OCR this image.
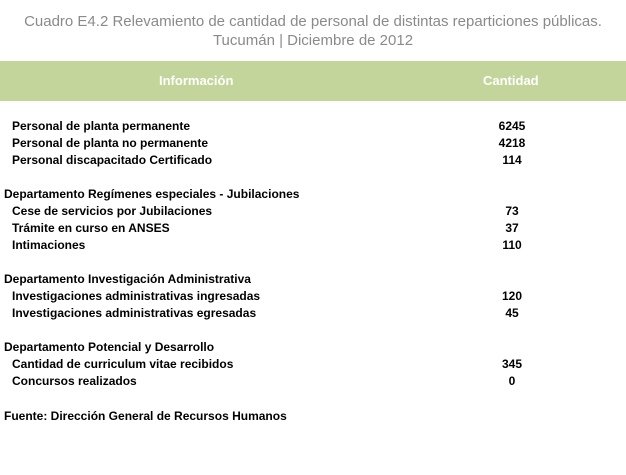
Cuadro E4.2 Relevamiento de cantidad de personal de distintas reparticiones públicas.
Tucumán | Diciembre de 2012
Información	Cantidad
Personal de planta permanente	6245
Personal de planta no permanente	4218
Personal discapacitado Certificado	114
Departamento Regímenes especiales - Jubilaciones
Cese de servicios por Jubilaciones	73
Trámite en curso en ANSES	37
Intimaciones	110
Departamento Investigación Administrativa
Investigaciones administrativas ingresadas	120
Investigaciones administrativas egresadas	45
Departamento Potencial y Desarrollo
Cantidad de curriculum vitae recibidos	345
Concursos realizados	0
Fuente: Dirección General de Recursos Humanos
